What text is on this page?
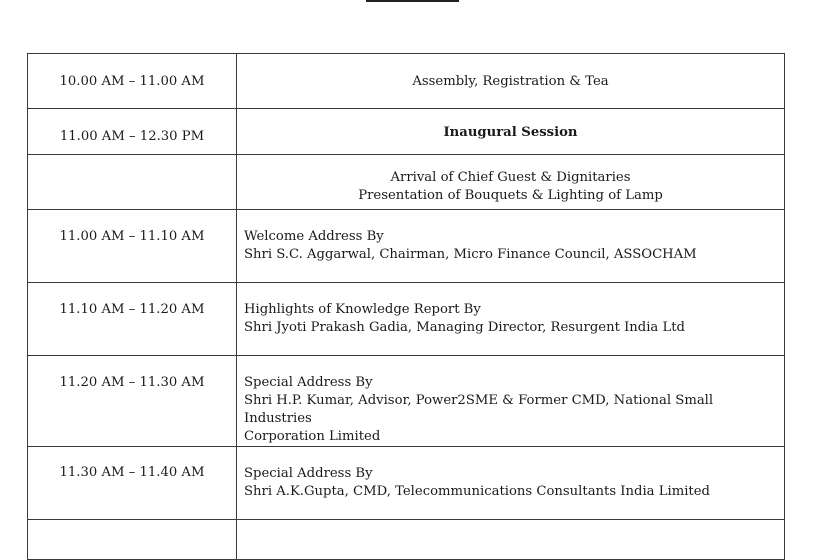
10.00 AM – 11.00 AM	Assembly, Registration & Tea

11.00 AM – 12.30 PM	Inaugural Session

	Arrival of Chief Guest & Dignitaries
Presentation of Bouquets & Lighting of Lamp

11.00 AM – 11.10 AM	Welcome Address By
Shri S.C. Aggarwal, Chairman, Micro Finance Council, ASSOCHAM

11.10 AM – 11.20 AM	Highlights of Knowledge Report By
Shri Jyoti Prakash Gadia, Managing Director, Resurgent India Ltd

11.20 AM – 11.30 AM	Special Address By
Shri H.P. Kumar, Advisor, Power2SME & Former CMD, National Small Industries
Corporation Limited

11.30 AM – 11.40 AM	Special Address By
Shri A.K.Gupta, CMD, Telecommunications Consultants India Limited
